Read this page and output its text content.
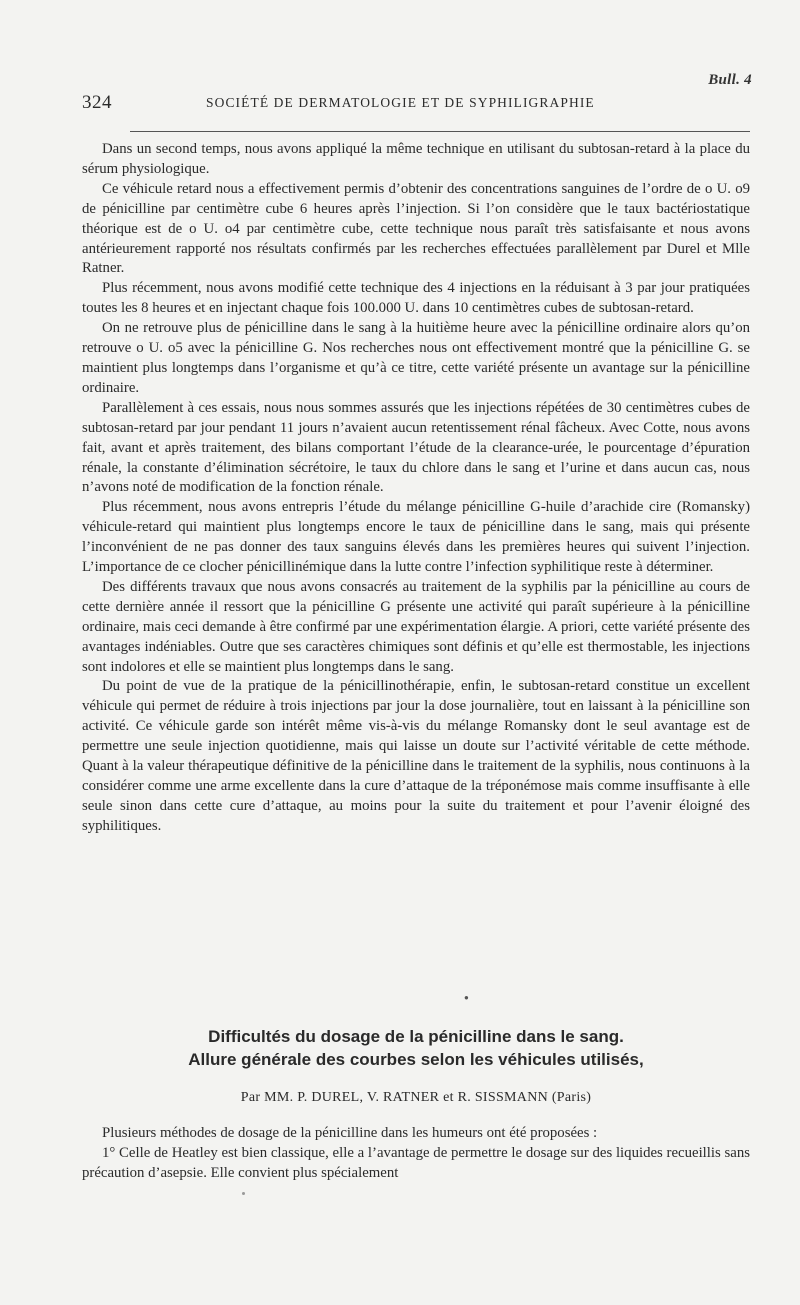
Bull. 4
324	SOCIÉTÉ DE DERMATOLOGIE ET DE SYPHILIGRAPHIE

Dans un second temps, nous avons appliqué la même technique en utilisant du subtosan-retard à la place du sérum physiologique.

Ce véhicule retard nous a effectivement permis d’obtenir des concentrations sanguines de l’ordre de o U. o9 de pénicilline par centimètre cube 6 heures après l’injection. Si l’on considère que le taux bactériostatique théorique est de o U. o4 par centimètre cube, cette technique nous paraît très satisfaisante et nous avons antérieurement rapporté nos résultats confirmés par les recherches effectuées parallèlement par Durel et Mlle Ratner.

Plus récemment, nous avons modifié cette technique des 4 injections en la réduisant à 3 par jour pratiquées toutes les 8 heures et en injectant chaque fois 100.000 U. dans 10 centimètres cubes de subtosan-retard.

On ne retrouve plus de pénicilline dans le sang à la huitième heure avec la pénicilline ordinaire alors qu’on retrouve o U. o5 avec la pénicilline G. Nos recherches nous ont effectivement montré que la pénicilline G. se maintient plus longtemps dans l’organisme et qu’à ce titre, cette variété présente un avantage sur la pénicilline ordinaire.

Parallèlement à ces essais, nous nous sommes assurés que les injections répétées de 30 centimètres cubes de subtosan-retard par jour pendant 11 jours n’avaient aucun retentissement rénal fâcheux. Avec Cotte, nous avons fait, avant et après traitement, des bilans comportant l’étude de la clearance-urée, le pourcentage d’épuration rénale, la constante d’élimination sécrétoire, le taux du chlore dans le sang et l’urine et dans aucun cas, nous n’avons noté de modification de la fonction rénale.

Plus récemment, nous avons entrepris l’étude du mélange pénicilline G-huile d’arachide cire (Romansky) véhicule-retard qui maintient plus longtemps encore le taux de pénicilline dans le sang, mais qui présente l’inconvénient de ne pas donner des taux sanguins élevés dans les premières heures qui suivent l’injection. L’importance de ce clocher pénicillinémique dans la lutte contre l’infection syphilitique reste à déterminer.

Des différents travaux que nous avons consacrés au traitement de la syphilis par la pénicilline au cours de cette dernière année il ressort que la pénicilline G présente une activité qui paraît supérieure à la pénicilline ordinaire, mais ceci demande à être confirmé par une expérimentation élargie. A priori, cette variété présente des avantages indéniables. Outre que ses caractères chimiques sont définis et qu’elle est thermostable, les injections sont indolores et elle se maintient plus longtemps dans le sang.

Du point de vue de la pratique de la pénicillinothérapie, enfin, le subtosan-retard constitue un excellent véhicule qui permet de réduire à trois injections par jour la dose journalière, tout en laissant à la pénicilline son activité. Ce véhicule garde son intérêt même vis-à-vis du mélange Romansky dont le seul avantage est de permettre une seule injection quotidienne, mais qui laisse un doute sur l’activité véritable de cette méthode. Quant à la valeur thérapeutique définitive de la pénicilline dans le traitement de la syphilis, nous continuons à la considérer comme une arme excellente dans la cure d’attaque de la tréponémose mais comme insuffisante à elle seule sinon dans cette cure d’attaque, au moins pour la suite du traitement et pour l’avenir éloigné des syphilitiques.

●
Difficultés du dosage de la pénicilline dans le sang.
Allure générale des courbes selon les véhicules utilisés,
Par MM. P. DUREL, V. RATNER et R. SISSMANN (Paris)

Plusieurs méthodes de dosage de la pénicilline dans les humeurs ont été proposées :

1° Celle de Heatley est bien classique, elle a l’avantage de permettre le dosage sur des liquides recueillis sans précaution d’asepsie. Elle convient plus spécialement
